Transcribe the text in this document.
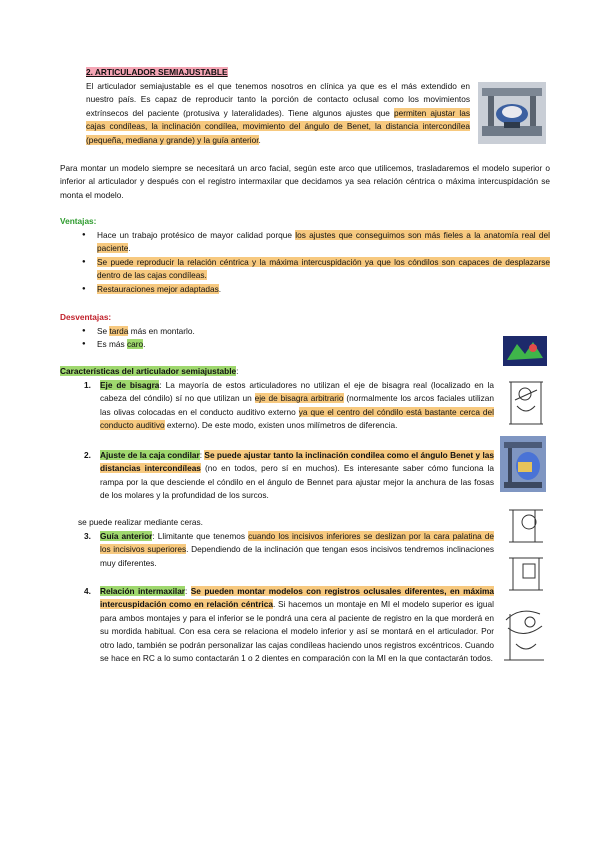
2. ARTICULADOR SEMIAJUSTABLE
El articulador semiajustable es el que tenemos nosotros en clínica ya que es el más extendido en nuestro país. Es capaz de reproducir tanto la porción de contacto oclusal como los movimientos extrínsecos del paciente (protusiva y lateralidades). Tiene algunos ajustes que permiten ajustar las cajas condíleas, la inclinación condílea, movimiento del ángulo de Benet, la distancia intercondílea (pequeña, mediana y grande) y la guía anterior.
Para montar un modelo siempre se necesitará un arco facial, según este arco que utilicemos, trasladaremos el modelo superior o inferior al articulador y después con el registro intermaxilar que decidamos ya sea relación céntrica o máxima intercuspidación se monta el modelo.
Ventajas:
● Hace un trabajo protésico de mayor calidad porque los ajustes que conseguimos son más fieles a la anatomía real del paciente.
● Se puede reproducir la relación céntrica y la máxima intercuspidación ya que los cóndilos son capaces de desplazarse dentro de las cajas condíleas.
● Restauraciones mejor adaptadas.
Desventajas:
● Se tarda más en montarlo.
● Es más caro.
Características del articulador semiajustable:
1. Eje de bisagra: La mayoría de estos articuladores no utilizan el eje de bisagra real (localizado en la cabeza del cóndilo) sí no que utilizan un eje de bisagra arbitrario (normalmente los arcos faciales utilizan las olivas colocadas en el conducto auditivo externo ya que el centro del cóndilo está bastante cerca del conducto auditivo externo). De este modo, existen unos milímetros de diferencia.
2. Ajuste de la caja condilar: Se puede ajustar tanto la inclinación condilea como el ángulo Benet y las distancias intercondíleas (no en todos, pero sí en muchos). Es interesante saber cómo funciona la rampa por la que desciende el cóndilo en el ángulo de Bennet para ajustar mejor la anchura de las fosas de los molares y la profundidad de los surcos.
se puede realizar mediante ceras.
3. Guía anterior: Llimitante que tenemos cuando los incisivos inferiores se deslizan por la cara palatina de los incisivos superiores. Dependiendo de la inclinación que tengan esos incisivos tendremos inclinaciones muy diferentes.
4. Relación intermaxilar: Se pueden montar modelos con registros oclusales diferentes, en máxima intercuspidación como en relación céntrica. Si hacemos un montaje en MI el modelo superior es igual para ambos montajes y para el inferior se le pondrá una cera al paciente de registro en la que morderá en su mordida habitual. Con esa cera se relaciona el modelo inferior y así se montará en el articulador. Por otro lado, también se podrán personalizar las cajas condíleas haciendo unos registros excéntricos. Cuando se hace en RC a lo sumo contactarán 1 o 2 dientes en comparación con la MI en la que contactarán todos.
